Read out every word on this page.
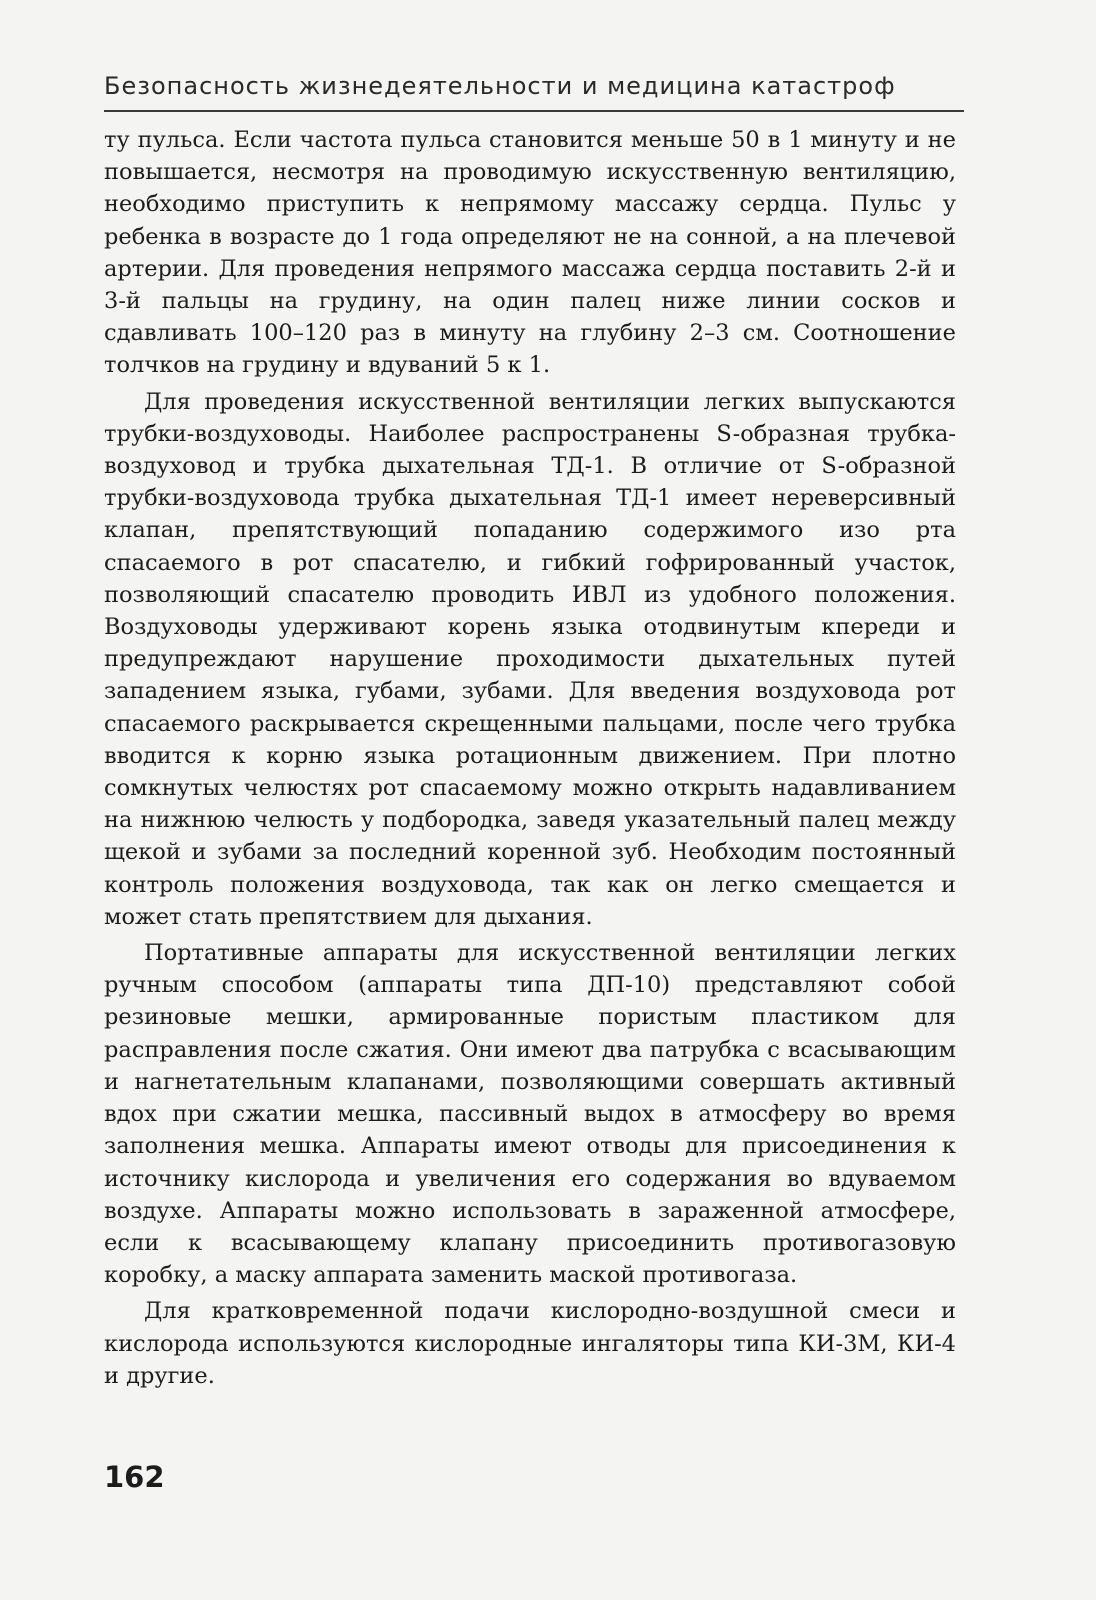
Безопасность жизнедеятельности и медицина катастроф

ту пульса. Если частота пульса становится меньше 50 в 1 минуту и не повышается, несмотря на проводимую искусственную вентиляцию, необходимо приступить к непрямому массажу сердца. Пульс у ребенка в возрасте до 1 года определяют не на сонной, а на плечевой артерии. Для проведения непрямого массажа сердца поставить 2-й и 3-й пальцы на грудину, на один палец ниже линии сосков и сдавливать 100–120 раз в минуту на глубину 2–3 см. Соотношение толчков на грудину и вдуваний 5 к 1.

Для проведения искусственной вентиляции легких выпускаются трубки-воздуховоды. Наиболее распространены S-образная трубка-воздуховод и трубка дыхательная ТД-1. В отличие от S-образной трубки-воздуховода трубка дыхательная ТД-1 имеет нереверсивный клапан, препятствующий попаданию содержимого изо рта спасаемого в рот спасателю, и гибкий гофрированный участок, позволяющий спасателю проводить ИВЛ из удобного положения. Воздуховоды удерживают корень языка отодвинутым кпереди и предупреждают нарушение проходимости дыхательных путей западением языка, губами, зубами. Для введения воздуховода рот спасаемого раскрывается скрещенными пальцами, после чего трубка вводится к корню языка ротационным движением. При плотно сомкнутых челюстях рот спасаемому можно открыть надавливанием на нижнюю челюсть у подбородка, заведя указательный палец между щекой и зубами за последний коренной зуб. Необходим постоянный контроль положения воздуховода, так как он легко смещается и может стать препятствием для дыхания.

Портативные аппараты для искусственной вентиляции легких ручным способом (аппараты типа ДП-10) представляют собой резиновые мешки, армированные пористым пластиком для расправления после сжатия. Они имеют два патрубка с всасывающим и нагнетательным клапанами, позволяющими совершать активный вдох при сжатии мешка, пассивный выдох в атмосферу во время заполнения мешка. Аппараты имеют отводы для присоединения к источнику кислорода и увеличения его содержания во вдуваемом воздухе. Аппараты можно использовать в зараженной атмосфере, если к всасывающему клапану присоединить противогазовую коробку, а маску аппарата заменить маской противогаза.

Для кратковременной подачи кислородно-воздушной смеси и кислорода используются кислородные ингаляторы типа КИ-3М, КИ-4 и другие.

162
